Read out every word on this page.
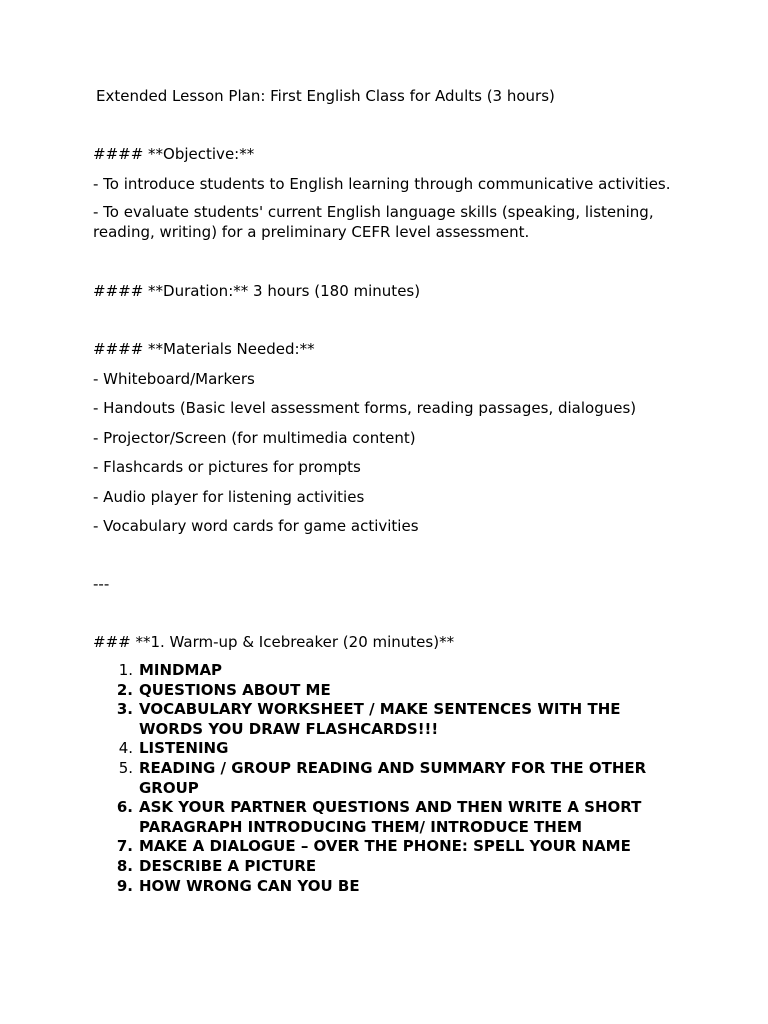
Extended Lesson Plan: First English Class for Adults (3 hours)

#### **Objective:**

- To introduce students to English learning through communicative activities.

- To evaluate students' current English language skills (speaking, listening, reading, writing) for a preliminary CEFR level assessment.

#### **Duration:** 3 hours (180 minutes)

#### **Materials Needed:**

- Whiteboard/Markers

- Handouts (Basic level assessment forms, reading passages, dialogues)

- Projector/Screen (for multimedia content)

- Flashcards or pictures for prompts

- Audio player for listening activities

- Vocabulary word cards for game activities

---

### **1. Warm-up & Icebreaker (20 minutes)**

1. MINDMAP
2. QUESTIONS ABOUT ME
3. VOCABULARY WORKSHEET / MAKE SENTENCES WITH THE WORDS YOU DRAW FLASHCARDS!!!
4. LISTENING
5. READING / GROUP READING AND SUMMARY FOR THE OTHER GROUP
6. ASK YOUR PARTNER QUESTIONS AND THEN WRITE A SHORT PARAGRAPH INTRODUCING THEM/ INTRODUCE THEM
7. MAKE A DIALOGUE – OVER THE PHONE: SPELL YOUR NAME
8. DESCRIBE A PICTURE
9. HOW WRONG CAN YOU BE
